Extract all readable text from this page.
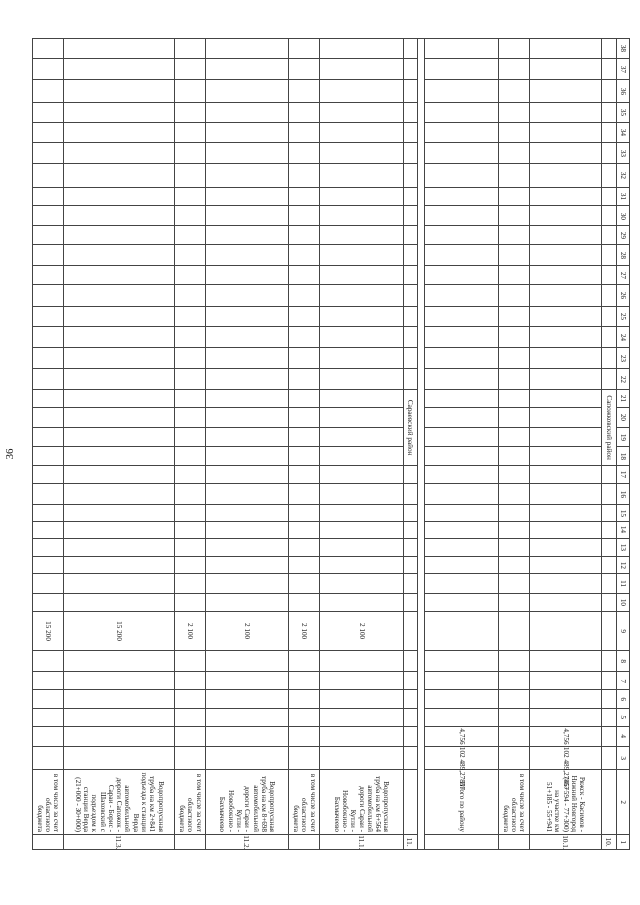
36
1	2	3	4	5	6	7	8	9	10	11	12	13	14	15	16	17	18	19	20	21	22	23	24	25	26	27	28	29	30	31	32	33	34	35	36	37	38

10.																	Сапожковский район																				

10.1.	Ряжск - Касимов - Нижний Новгород (46+594 - 77+300) на участке км 51+185 - 55+941	102 489,27857	4,756																																		

	в том числе за счет областного бюджета																																				

	Итого по району	102 489,27857	4,756																																		

11.																	Сараевский район																				

11.1.	Водопропускная труба на км 6+564 автомобильной дороги Сараи - Кутли - Новобокино - Бахмачеево							2 100																													

	в том числе за счет областного бюджета							2 100																													

11.2.	Водопропускная труба на км 8+698 автомобильной дороги Сараи - Кутли - Новобокино - Бахмачеево							2 100																													

	в том числе за счет областного бюджета							2 100																													

11.3.	Водопропускная труба на км 2+841 подъезда к станции Верда автомобильной дороги Сапожок - Сараи - Борис - Шаховский с подъездом к станции Верда (21+000 - 30+000)							15 200																													

	в том числе за счет областного бюджета							15 200																													
